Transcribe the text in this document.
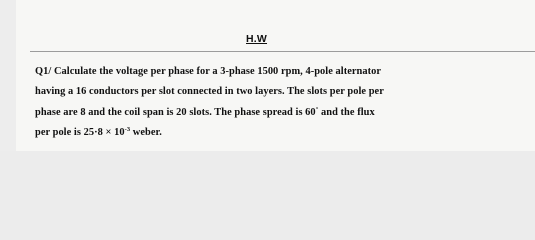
H.W
Q1/ Calculate the voltage per phase for a 3-phase 1500 rpm, 4-pole alternator
having a 16 conductors per slot connected in two layers. The slots per pole per
phase are 8 and the coil span is 20 slots. The phase spread is 60° and the flux
per pole is $25\cdot 8 \times 10^{-3}$ weber.
